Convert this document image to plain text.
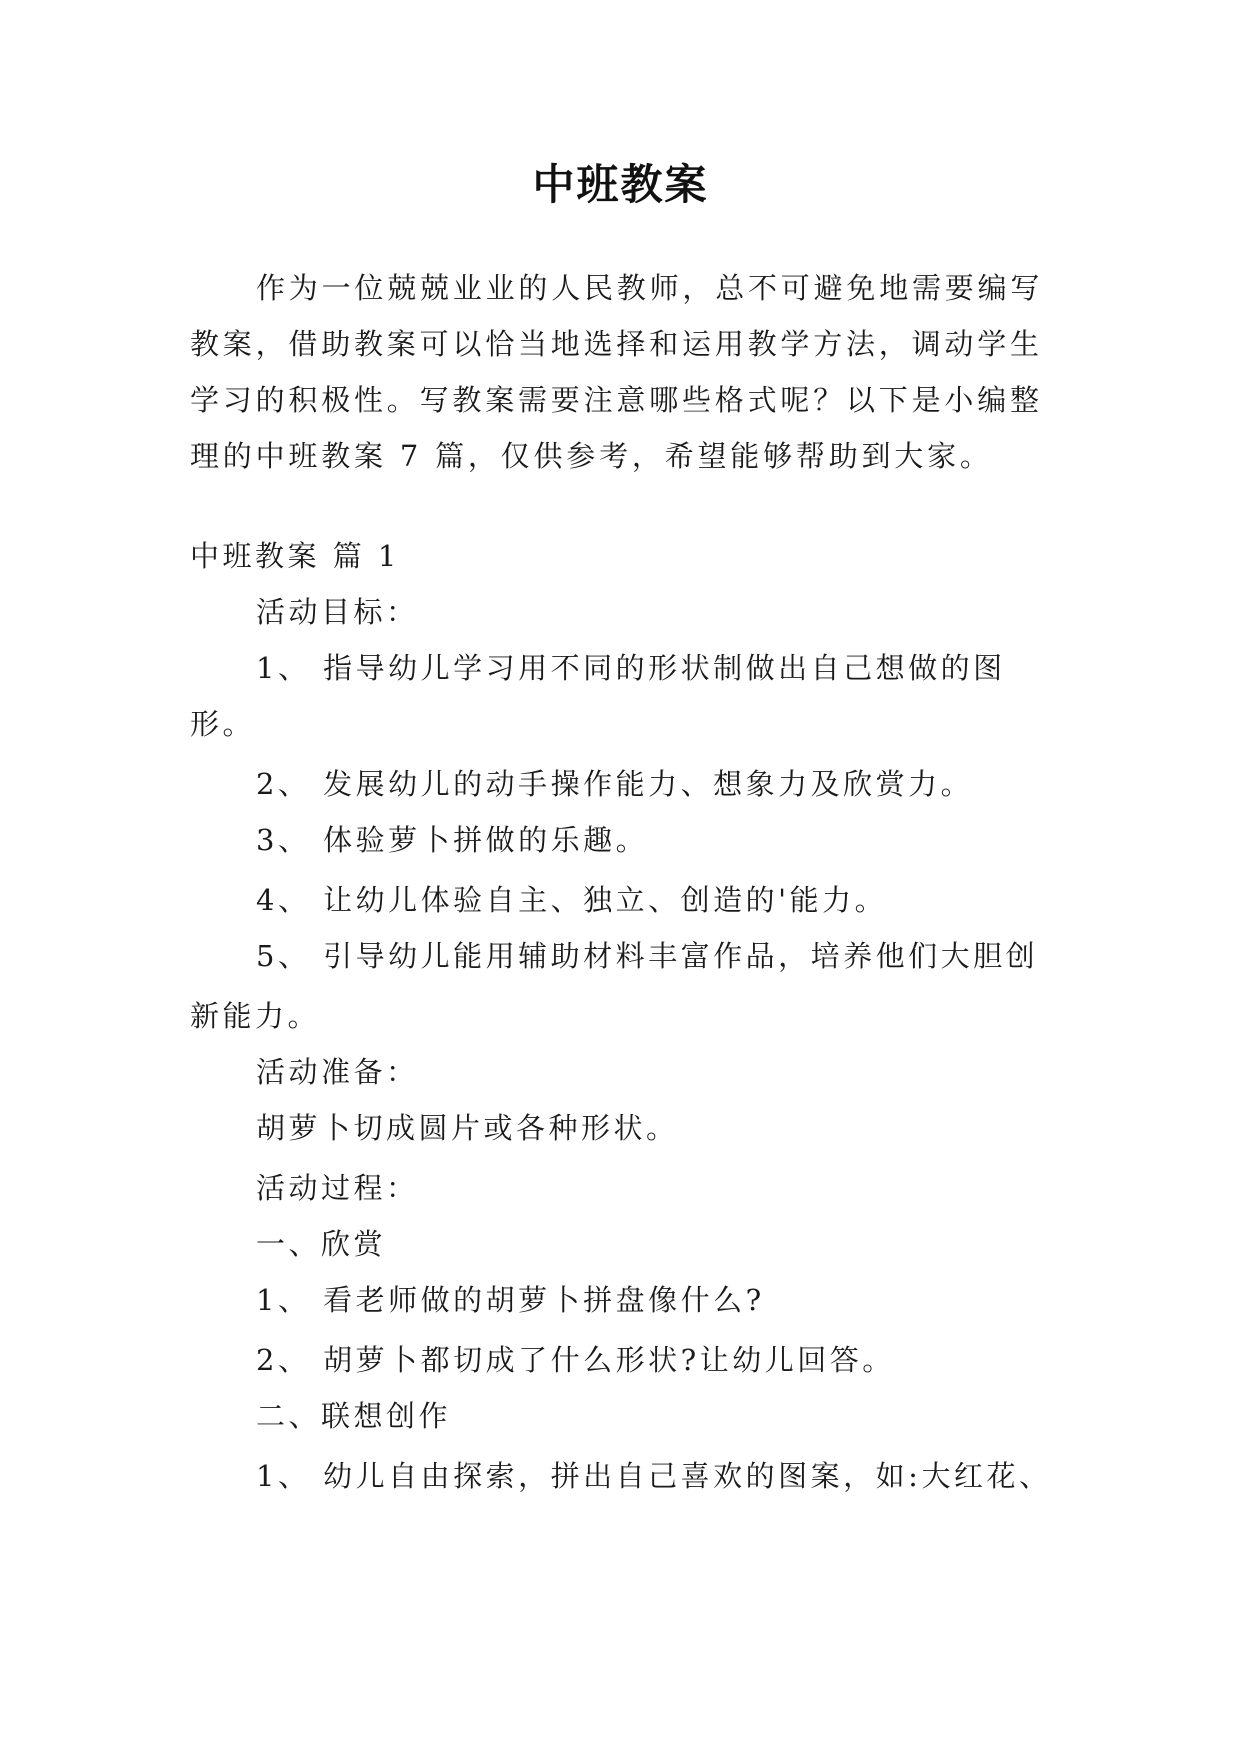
中班教案
作为一位兢兢业业的人民教师，总不可避免地需要编写
教案，借助教案可以恰当地选择和运用教学方法，调动学生
学习的积极性。写教案需要注意哪些格式呢？以下是小编整
理的中班教案 7 篇，仅供参考，希望能够帮助到大家。
中班教案 篇 1
活动目标：
1、 指导幼儿学习用不同的形状制做出自己想做的图
形。
2、 发展幼儿的动手操作能力、想象力及欣赏力。
3、 体验萝卜拼做的乐趣。
4、 让幼儿体验自主、独立、创造的'能力。
5、 引导幼儿能用辅助材料丰富作品，培养他们大胆创
新能力。
活动准备：
胡萝卜切成圆片或各种形状。
活动过程：
一、欣赏
1、 看老师做的胡萝卜拼盘像什么?
2、 胡萝卜都切成了什么形状?让幼儿回答。
二、联想创作
1、 幼儿自由探索，拼出自己喜欢的图案，如:大红花、
